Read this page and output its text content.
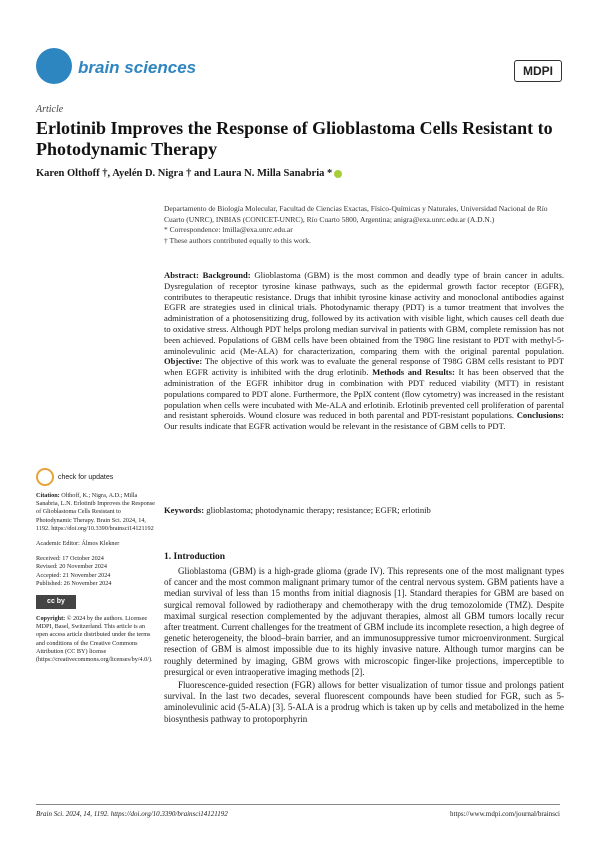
brain sciences	MDPI
Article
Erlotinib Improves the Response of Glioblastoma Cells Resistant to Photodynamic Therapy
Karen Olthoff †, Ayelén D. Nigra † and Laura N. Milla Sanabria *

Departamento de Biología Molecular, Facultad de Ciencias Exactas, Físico-Químicas y Naturales, Universidad Nacional de Río Cuarto (UNRC), INBIAS (CONICET-UNRC), Río Cuarto 5800, Argentina; anigra@exa.unrc.edu.ar (A.D.N.)

* Correspondence: lmilla@exa.unrc.edu.ar

† These authors contributed equally to this work.

Abstract: Background: Glioblastoma (GBM) is the most common and deadly type of brain cancer in adults. Dysregulation of receptor tyrosine kinase pathways, such as the epidermal growth factor receptor (EGFR), contributes to therapeutic resistance. Drugs that inhibit tyrosine kinase activity and monoclonal antibodies against EGFR are strategies used in clinical trials. Photodynamic therapy (PDT) is a tumor treatment that involves the administration of a photosensitizing drug, followed by its activation with visible light, which causes cell death due to oxidative stress. Although PDT helps prolong median survival in patients with GBM, complete remission has not been achieved. Populations of GBM cells have been obtained from the T98G line resistant to PDT with methyl-5-aminolevulinic acid (Me-ALA) for characterization, comparing them with the original parental population. Objective: The objective of this work was to evaluate the general response of T98G GBM cells resistant to PDT when EGFR activity is inhibited with the drug erlotinib. Methods and Results: It has been observed that the administration of the EGFR inhibitor drug in combination with PDT reduced viability (MTT) in resistant populations compared to PDT alone. Furthermore, the PpIX content (flow cytometry) was increased in the resistant population when cells were incubated with Me-ALA and erlotinib. Erlotinib prevented cell proliferation of parental and resistant spheroids. Wound closure was reduced in both parental and PDT-resistant populations. Conclusions: Our results indicate that EGFR activation would be relevant in the resistance of GBM cells to PDT.
Keywords: glioblastoma; photodynamic therapy; resistance; EGFR; erlotinib
check for updates

Citation: Olthoff, K.; Nigra, A.D.; Milla Sanabria, L.N. Erlotinib Improves the Response of Glioblastoma Cells Resistant to Photodynamic Therapy. Brain Sci. 2024, 14, 1192. https://doi.org/10.3390/brainsci14121192

Academic Editor: Álmos Klekner

Received: 17 October 2024

Revised: 20 November 2024

Accepted: 21 November 2024

Published: 26 November 2024

cc by

Copyright: © 2024 by the authors. Licensee MDPI, Basel, Switzerland. This article is an open access article distributed under the terms and conditions of the Creative Commons Attribution (CC BY) license (https://creativecommons.org/licenses/by/4.0/).

1. Introduction

Glioblastoma (GBM) is a high-grade glioma (grade IV). This represents one of the most malignant types of cancer and the most common malignant primary tumor of the central nervous system. GBM patients have a median survival of less than 15 months from initial diagnosis [1]. Standard therapies for GBM are based on surgical removal followed by radiotherapy and chemotherapy with the drug temozolomide (TMZ). Despite maximal surgical resection complemented by the adjuvant therapies, almost all GBM tumors locally recur after treatment. Current challenges for the treatment of GBM include its incomplete resection, a high degree of genetic heterogeneity, the blood–brain barrier, and an immunosuppressive tumor microenvironment. Surgical resection of GBM is almost impossible due to its highly invasive nature. Although tumor margins can be roughly determined by imaging, GBM grows with microscopic finger-like projections, imperceptible to presurgical or even intraoperative imaging methods [2].

Fluorescence-guided resection (FGR) allows for better visualization of tumor tissue and prolongs patient survival. In the last two decades, several fluorescent compounds have been studied for FGR, such as 5-aminolevulinic acid (5-ALA) [3]. 5-ALA is a prodrug which is taken up by cells and metabolized in the heme biosynthesis pathway to protoporphyrin

Brain Sci. 2024, 14, 1192. https://doi.org/10.3390/brainsci14121192	https://www.mdpi.com/journal/brainsci
